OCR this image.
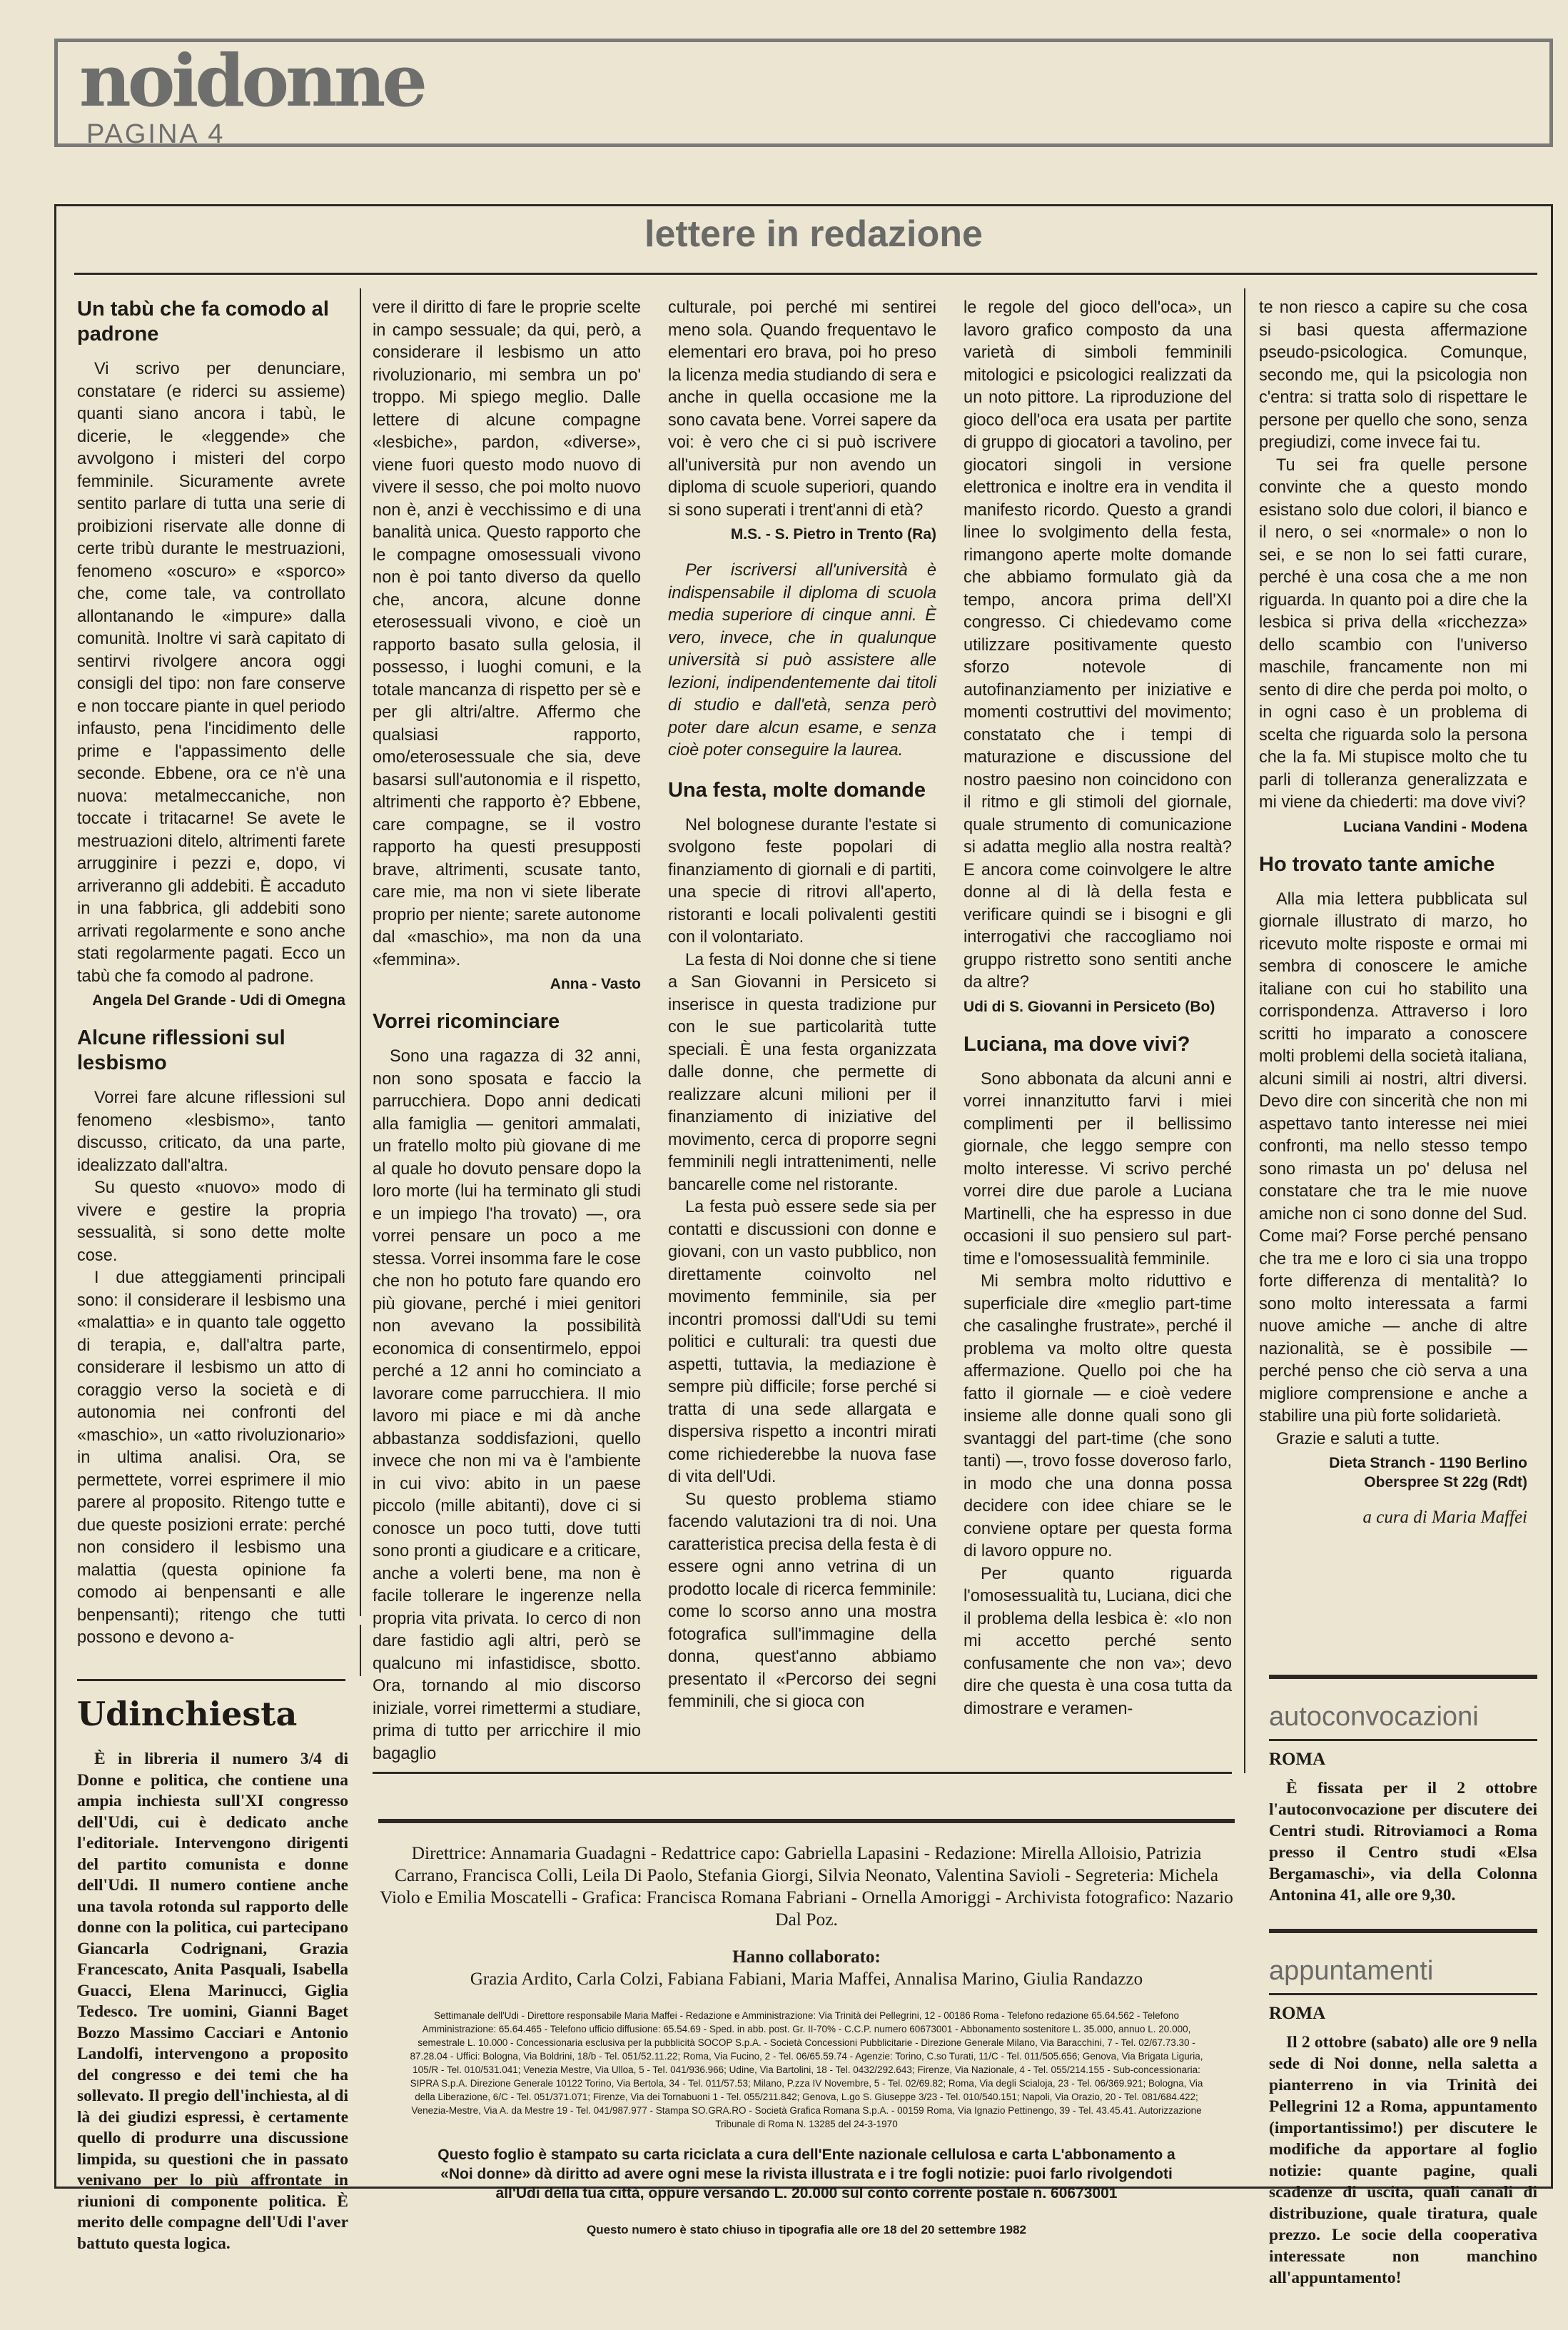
noidonne
PAGINA 4
lettere in redazione
Un tabù che fa comodo al padrone

Vi scrivo per denunciare, constatare (e riderci su assieme) quanti siano ancora i tabù, le dicerie, le «leggende» che avvolgono i misteri del corpo femminile. Sicuramente avrete sentito parlare di tutta una serie di proibizioni riservate alle donne di certe tribù durante le mestruazioni, fenomeno «oscuro» e «sporco» che, come tale, va controllato allontanando le «impure» dalla comunità. Inoltre vi sarà capitato di sentirvi rivolgere ancora oggi consigli del tipo: non fare conserve e non toccare piante in quel periodo infausto, pena l'incidimento delle prime e l'appassimento delle seconde. Ebbene, ora ce n'è una nuova: metalmeccaniche, non toccate i tritacarne! Se avete le mestruazioni ditelo, altrimenti farete arrugginire i pezzi e, dopo, vi arriveranno gli addebiti. È accaduto in una fabbrica, gli addebiti sono arrivati regolarmente e sono anche stati regolarmente pagati. Ecco un tabù che fa comodo al padrone.

Angela Del Grande - Udi di Omegna
Alcune riflessioni sul lesbismo

Vorrei fare alcune riflessioni sul fenomeno «lesbismo», tanto discusso, criticato, da una parte, idealizzato dall'altra.

Su questo «nuovo» modo di vivere e gestire la propria sessualità, si sono dette molte cose.

I due atteggiamenti principali sono: il considerare il lesbismo una «malattia» e in quanto tale oggetto di terapia, e, dall'altra parte, considerare il lesbismo un atto di coraggio verso la società e di autonomia nei confronti del «maschio», un «atto rivoluzionario» in ultima analisi. Ora, se permettete, vorrei esprimere il mio parere al proposito. Ritengo tutte e due queste posizioni errate: perché non considero il lesbismo una malattia (questa opinione fa comodo ai benpensanti e alle benpensanti); ritengo che tutti possono e devono a-

vere il diritto di fare le proprie scelte in campo sessuale; da qui, però, a considerare il lesbismo un atto rivoluzionario, mi sembra un po' troppo. Mi spiego meglio. Dalle lettere di alcune compagne «lesbiche», pardon, «diverse», viene fuori questo modo nuovo di vivere il sesso, che poi molto nuovo non è, anzi è vecchissimo e di una banalità unica. Questo rapporto che le compagne omosessuali vivono non è poi tanto diverso da quello che, ancora, alcune donne eterosessuali vivono, e cioè un rapporto basato sulla gelosia, il possesso, i luoghi comuni, e la totale mancanza di rispetto per sè e per gli altri/altre. Affermo che qualsiasi rapporto, omo/eterosessuale che sia, deve basarsi sull'autonomia e il rispetto, altrimenti che rapporto è? Ebbene, care compagne, se il vostro rapporto ha questi presupposti brave, altrimenti, scusate tanto, care mie, ma non vi siete liberate proprio per niente; sarete autonome dal «maschio», ma non da una «femmina».

Anna - Vasto
Vorrei ricominciare

Sono una ragazza di 32 anni, non sono sposata e faccio la parrucchiera. Dopo anni dedicati alla famiglia — genitori ammalati, un fratello molto più giovane di me al quale ho dovuto pensare dopo la loro morte (lui ha terminato gli studi e un impiego l'ha trovato) —, ora vorrei pensare un poco a me stessa. Vorrei insomma fare le cose che non ho potuto fare quando ero più giovane, perché i miei genitori non avevano la possibilità economica di consentirmelo, eppoi perché a 12 anni ho cominciato a lavorare come parrucchiera. Il mio lavoro mi piace e mi dà anche abbastanza soddisfazioni, quello invece che non mi va è l'ambiente in cui vivo: abito in un paese piccolo (mille abitanti), dove ci si conosce un poco tutti, dove tutti sono pronti a giudicare e a criticare, anche a volerti bene, ma non è facile tollerare le ingerenze nella propria vita privata. Io cerco di non dare fastidio agli altri, però se qualcuno mi infastidisce, sbotto. Ora, tornando al mio discorso iniziale, vorrei rimettermi a studiare, prima di tutto per arricchire il mio bagaglio

culturale, poi perché mi sentirei meno sola. Quando frequentavo le elementari ero brava, poi ho preso la licenza media studiando di sera e anche in quella occasione me la sono cavata bene. Vorrei sapere da voi: è vero che ci si può iscrivere all'università pur non avendo un diploma di scuole superiori, quando si sono superati i trent'anni di età?

M.S. - S. Pietro in Trento (Ra)

Per iscriversi all'università è indispensabile il diploma di scuola media superiore di cinque anni. È vero, invece, che in qualunque università si può assistere alle lezioni, indipendentemente dai titoli di studio e dall'età, senza però poter dare alcun esame, e senza cioè poter conseguire la laurea.

Una festa, molte domande

Nel bolognese durante l'estate si svolgono feste popolari di finanziamento di giornali e di partiti, una specie di ritrovi all'aperto, ristoranti e locali polivalenti gestiti con il volontariato.

La festa di Noi donne che si tiene a San Giovanni in Persiceto si inserisce in questa tradizione pur con le sue particolarità tutte speciali. È una festa organizzata dalle donne, che permette di realizzare alcuni milioni per il finanziamento di iniziative del movimento, cerca di proporre segni femminili negli intrattenimenti, nelle bancarelle come nel ristorante.

La festa può essere sede sia per contatti e discussioni con donne e giovani, con un vasto pubblico, non direttamente coinvolto nel movimento femminile, sia per incontri promossi dall'Udi su temi politici e culturali: tra questi due aspetti, tuttavia, la mediazione è sempre più difficile; forse perché si tratta di una sede allargata e dispersiva rispetto a incontri mirati come richiederebbe la nuova fase di vita dell'Udi.

Su questo problema stiamo facendo valutazioni tra di noi. Una caratteristica precisa della festa è di essere ogni anno vetrina di un prodotto locale di ricerca femminile: come lo scorso anno una mostra fotografica sull'immagine della donna, quest'anno abbiamo presentato il «Percorso dei segni femminili, che si gioca con

le regole del gioco dell'oca», un lavoro grafico composto da una varietà di simboli femminili mitologici e psicologici realizzati da un noto pittore. La riproduzione del gioco dell'oca era usata per partite di gruppo di giocatori a tavolino, per giocatori singoli in versione elettronica e inoltre era in vendita il manifesto ricordo. Questo a grandi linee lo svolgimento della festa, rimangono aperte molte domande che abbiamo formulato già da tempo, ancora prima dell'XI congresso. Ci chiedevamo come utilizzare positivamente questo sforzo notevole di autofinanziamento per iniziative e momenti costruttivi del movimento; constatato che i tempi di maturazione e discussione del nostro paesino non coincidono con il ritmo e gli stimoli del giornale, quale strumento di comunicazione si adatta meglio alla nostra realtà? E ancora come coinvolgere le altre donne al di là della festa e verificare quindi se i bisogni e gli interrogativi che raccogliamo noi gruppo ristretto sono sentiti anche da altre?

Udi di S. Giovanni in Persiceto (Bo)
Luciana, ma dove vivi?

Sono abbonata da alcuni anni e vorrei innanzitutto farvi i miei complimenti per il bellissimo giornale, che leggo sempre con molto interesse. Vi scrivo perché vorrei dire due parole a Luciana Martinelli, che ha espresso in due occasioni il suo pensiero sul part-time e l'omosessualità femminile.

Mi sembra molto riduttivo e superficiale dire «meglio part-time che casalinghe frustrate», perché il problema va molto oltre questa affermazione. Quello poi che ha fatto il giornale — e cioè vedere insieme alle donne quali sono gli svantaggi del part-time (che sono tanti) —, trovo fosse doveroso farlo, in modo che una donna possa decidere con idee chiare se le conviene optare per questa forma di lavoro oppure no.

Per quanto riguarda l'omosessualità tu, Luciana, dici che il problema della lesbica è: «Io non mi accetto perché sento confusamente che non va»; devo dire che questa è una cosa tutta da dimostrare e veramen-

te non riesco a capire su che cosa si basi questa affermazione pseudo-psicologica. Comunque, secondo me, qui la psicologia non c'entra: si tratta solo di rispettare le persone per quello che sono, senza pregiudizi, come invece fai tu.

Tu sei fra quelle persone convinte che a questo mondo esistano solo due colori, il bianco e il nero, o sei «normale» o non lo sei, e se non lo sei fatti curare, perché è una cosa che a me non riguarda. In quanto poi a dire che la lesbica si priva della «ricchezza» dello scambio con l'universo maschile, francamente non mi sento di dire che perda poi molto, o in ogni caso è un problema di scelta che riguarda solo la persona che la fa. Mi stupisce molto che tu parli di tolleranza generalizzata e mi viene da chiederti: ma dove vivi?

Luciana Vandini - Modena
Ho trovato tante amiche

Alla mia lettera pubblicata sul giornale illustrato di marzo, ho ricevuto molte risposte e ormai mi sembra di conoscere le amiche italiane con cui ho stabilito una corrispondenza. Attraverso i loro scritti ho imparato a conoscere molti problemi della società italiana, alcuni simili ai nostri, altri diversi. Devo dire con sincerità che non mi aspettavo tanto interesse nei miei confronti, ma nello stesso tempo sono rimasta un po' delusa nel constatare che tra le mie nuove amiche non ci sono donne del Sud. Come mai? Forse perché pensano che tra me e loro ci sia una troppo forte differenza di mentalità? Io sono molto interessata a farmi nuove amiche — anche di altre nazionalità, se è possibile — perché penso che ciò serva a una migliore comprensione e anche a stabilire una più forte solidarietà.

Grazie e saluti a tutte.

Dieta Stranch - 1190 Berlino Oberspree St 22g (Rdt)
a cura di Maria Maffei
Udinchiesta

È in libreria il numero 3/4 di Donne e politica, che contiene una ampia inchiesta sull'XI congresso dell'Udi, cui è dedicato anche l'editoriale. Intervengono dirigenti del partito comunista e donne dell'Udi. Il numero contiene anche una tavola rotonda sul rapporto delle donne con la politica, cui partecipano Giancarla Codrignani, Grazia Francescato, Anita Pasquali, Isabella Guacci, Elena Marinucci, Giglia Tedesco. Tre uomini, Gianni Baget Bozzo Massimo Cacciari e Antonio Landolfi, intervengono a proposito del congresso e dei temi che ha sollevato. Il pregio dell'inchiesta, al di là dei giudizi espressi, è certamente quello di produrre una discussione limpida, su questioni che in passato venivano per lo più affrontate in riunioni di componente politica. È merito delle compagne dell'Udi l'aver battuto questa logica.

Direttrice: Annamaria Guadagni - Redattrice capo: Gabriella Lapasini - Redazione: Mirella Alloisio, Patrizia Carrano, Francisca Colli, Leila Di Paolo, Stefania Giorgi, Silvia Neonato, Valentina Savioli - Segreteria: Michela Violo e Emilia Moscatelli - Grafica: Francisca Romana Fabriani - Ornella Amoriggi - Archivista fotografico: Nazario Dal Poz.
Hanno collaborato:
Grazia Ardito, Carla Colzi, Fabiana Fabiani, Maria Maffei, Annalisa Marino, Giulia Randazzo
Settimanale dell'Udi - Direttore responsabile Maria Maffei - Redazione e Amministrazione: Via Trinità dei Pellegrini, 12 - 00186 Roma - Telefono redazione 65.64.562 - Telefono Amministrazione: 65.64.465 - Telefono ufficio diffusione: 65.54.69 - Sped. in abb. post. Gr. II-70% - C.C.P. numero 60673001 - Abbonamento sostenitore L. 35.000, annuo L. 20.000, semestrale L. 10.000 - Concessionaria esclusiva per la pubblicità SOCOP S.p.A. - Società Concessioni Pubblicitarie - Direzione Generale Milano, Via Baracchini, 7 - Tel. 02/67.73.30 - 87.28.04 - Uffici: Bologna, Via Boldrini, 18/b - Tel. 051/52.11.22; Roma, Via Fucino, 2 - Tel. 06/65.59.74 - Agenzie: Torino, C.so Turati, 11/C - Tel. 011/505.656; Genova, Via Brigata Liguria, 105/R - Tel. 010/531.041; Venezia Mestre, Via Ulloa, 5 - Tel. 041/936.966; Udine, Via Bartolini, 18 - Tel. 0432/292.643; Firenze, Via Nazionale, 4 - Tel. 055/214.155 - Sub-concessionaria: SIPRA S.p.A. Direzione Generale 10122 Torino, Via Bertola, 34 - Tel. 011/57.53; Milano, P.zza IV Novembre, 5 - Tel. 02/69.82; Roma, Via degli Scialoja, 23 - Tel. 06/369.921; Bologna, Via della Liberazione, 6/C - Tel. 051/371.071; Firenze, Via dei Tornabuoni 1 - Tel. 055/211.842; Genova, L.go S. Giuseppe 3/23 - Tel. 010/540.151; Napoli, Via Orazio, 20 - Tel. 081/684.422; Venezia-Mestre, Via A. da Mestre 19 - Tel. 041/987.977 - Stampa SO.GRA.RO - Società Grafica Romana S.p.A. - 00159 Roma, Via Ignazio Pettinengo, 39 - Tel. 43.45.41. Autorizzazione Tribunale di Roma N. 13285 del 24-3-1970
Questo foglio è stampato su carta riciclata a cura dell'Ente nazionale cellulosa e carta L'abbonamento a «Noi donne» dà diritto ad avere ogni mese la rivista illustrata e i tre fogli notizie: puoi farlo rivolgendoti all'Udi della tua città, oppure versando L. 20.000 sul conto corrente postale n. 60673001
Questo numero è stato chiuso in tipografia alle ore 18 del 20 settembre 1982
autoconvocazioni
ROMA

È fissata per il 2 ottobre l'autoconvocazione per discutere dei Centri studi. Ritroviamoci a Roma presso il Centro studi «Elsa Bergamaschi», via della Colonna Antonina 41, alle ore 9,30.

appuntamenti
ROMA

Il 2 ottobre (sabato) alle ore 9 nella sede di Noi donne, nella saletta a pianterreno in via Trinità dei Pellegrini 12 a Roma, appuntamento (importantissimo!) per discutere le modifiche da apportare al foglio notizie: quante pagine, quali scadenze di uscita, quali canali di distribuzione, quale tiratura, quale prezzo. Le socie della cooperativa interessate non manchino all'appuntamento!
